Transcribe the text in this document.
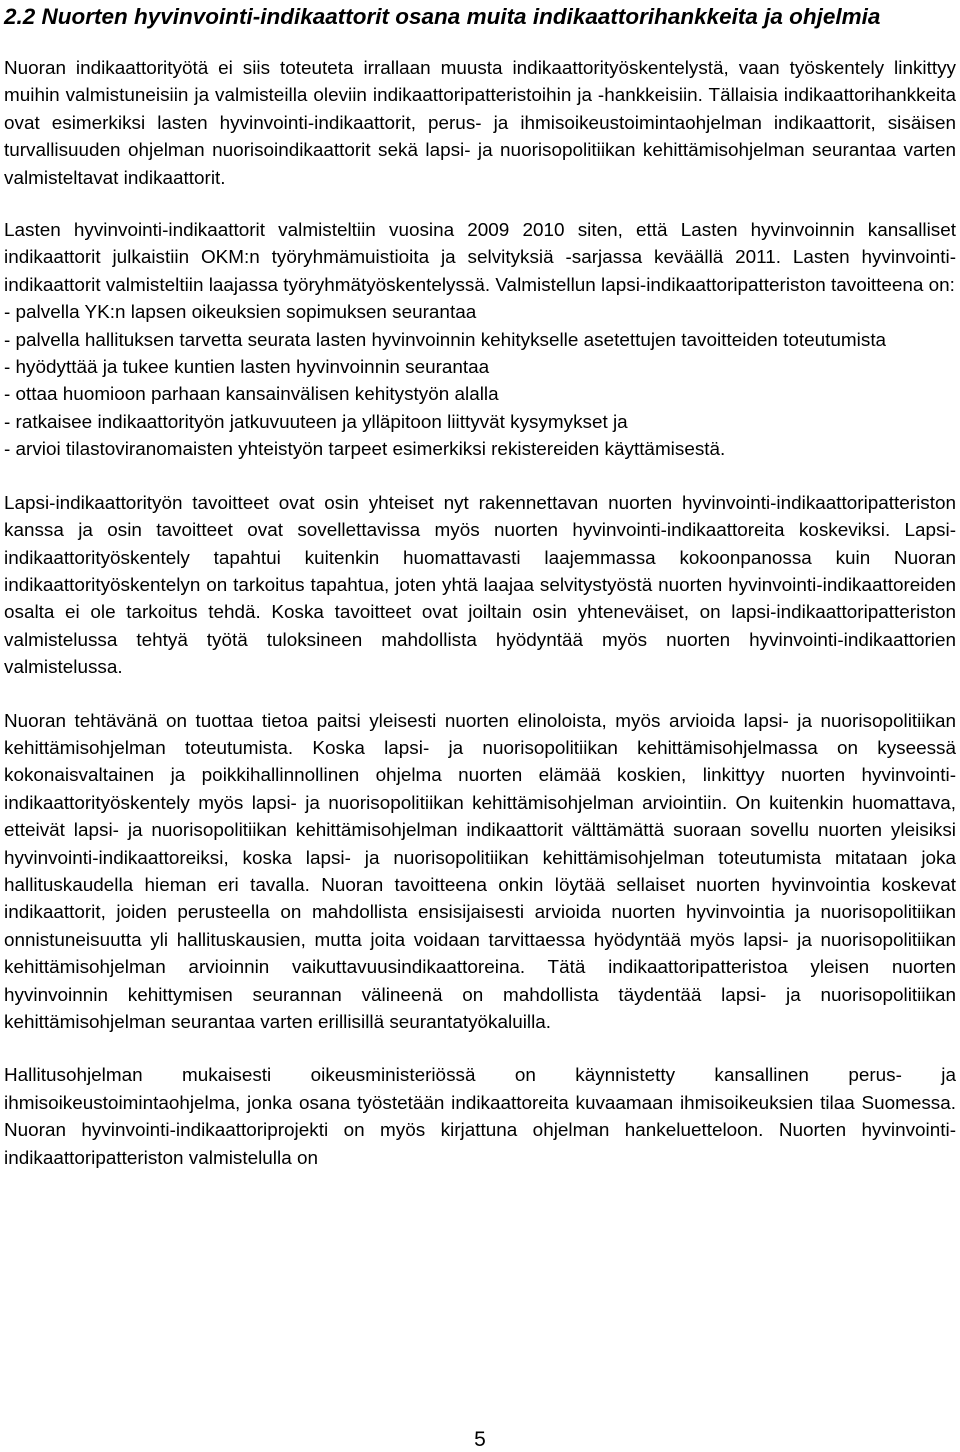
2.2 Nuorten hyvinvointi-indikaattorit osana muita indikaattorihankkeita ja ohjelmia

Nuoran indikaattorityötä ei siis toteuteta irrallaan muusta indikaattorityöskentelystä, vaan työskentely linkittyy muihin valmistuneisiin ja valmisteilla oleviin indikaattoripatteristoihin ja -hankkeisiin. Tällaisia indikaattorihankkeita ovat esimerkiksi lasten hyvinvointi-indikaattorit, perus- ja ihmisoikeustoimintaohjelman indikaattorit, sisäisen turvallisuuden ohjelman nuorisoindikaattorit sekä lapsi- ja nuorisopolitiikan kehittämisohjelman seurantaa varten valmisteltavat indikaattorit.

Lasten hyvinvointi-indikaattorit valmisteltiin vuosina 2009 2010 siten, että Lasten hyvinvoinnin kansalliset indikaattorit julkaistiin OKM:n työryhmämuistioita ja selvityksiä -sarjassa keväällä 2011. Lasten hyvinvointi-indikaattorit valmisteltiin laajassa työryhmätyöskentelyssä. Valmistellun lapsi-indikaattoripatteriston tavoitteena on:

- palvella YK:n lapsen oikeuksien sopimuksen seurantaa
- palvella hallituksen tarvetta seurata lasten hyvinvoinnin kehitykselle asetettujen tavoitteiden toteutumista
- hyödyttää ja tukee kuntien lasten hyvinvoinnin seurantaa
- ottaa huomioon parhaan kansainvälisen kehitystyön alalla
- ratkaisee indikaattorityön jatkuvuuteen ja ylläpitoon liittyvät kysymykset ja
- arvioi tilastoviranomaisten yhteistyön tarpeet esimerkiksi rekistereiden käyttämisestä.

Lapsi-indikaattorityön tavoitteet ovat osin yhteiset nyt rakennettavan nuorten hyvinvointi-indikaattoripatteriston kanssa ja osin tavoitteet ovat sovellettavissa myös nuorten hyvinvointi-indikaattoreita koskeviksi. Lapsi-indikaattorityöskentely tapahtui kuitenkin huomattavasti laajemmassa kokoonpanossa kuin Nuoran indikaattorityöskentelyn on tarkoitus tapahtua, joten yhtä laajaa selvitystyöstä nuorten hyvinvointi-indikaattoreiden osalta ei ole tarkoitus tehdä. Koska tavoitteet ovat joiltain osin yhteneväiset, on lapsi-indikaattoripatteriston valmistelussa tehtyä työtä tuloksineen mahdollista hyödyntää myös nuorten hyvinvointi-indikaattorien valmistelussa.

Nuoran tehtävänä on tuottaa tietoa paitsi yleisesti nuorten elinoloista, myös arvioida lapsi- ja nuorisopolitiikan kehittämisohjelman toteutumista. Koska lapsi- ja nuorisopolitiikan kehittämisohjelmassa on kyseessä kokonaisvaltainen ja poikkihallinnollinen ohjelma nuorten elämää koskien, linkittyy nuorten hyvinvointi-indikaattorityöskentely myös lapsi- ja nuorisopolitiikan kehittämisohjelman arviointiin. On kuitenkin huomattava, etteivät lapsi- ja nuorisopolitiikan kehittämisohjelman indikaattorit välttämättä suoraan sovellu nuorten yleisiksi hyvinvointi-indikaattoreiksi, koska lapsi- ja nuorisopolitiikan kehittämisohjelman toteutumista mitataan joka hallituskaudella hieman eri tavalla. Nuoran tavoitteena onkin löytää sellaiset nuorten hyvinvointia koskevat indikaattorit, joiden perusteella on mahdollista ensisijaisesti arvioida nuorten hyvinvointia ja nuorisopolitiikan onnistuneisuutta yli hallituskausien, mutta joita voidaan tarvittaessa hyödyntää myös lapsi- ja nuorisopolitiikan kehittämisohjelman arvioinnin vaikuttavuusindikaattoreina. Tätä indikaattoripatteristoa yleisen nuorten hyvinvoinnin kehittymisen seurannan välineenä on mahdollista täydentää lapsi- ja nuorisopolitiikan kehittämisohjelman seurantaa varten erillisillä seurantatyökaluilla.

Hallitusohjelman mukaisesti oikeusministeriössä on käynnistetty kansallinen perus- ja ihmisoikeustoimintaohjelma, jonka osana työstetään indikaattoreita kuvaamaan ihmisoikeuksien tilaa Suomessa. Nuoran hyvinvointi-indikaattoriprojekti on myös kirjattuna ohjelman hankeluetteloon. Nuorten hyvinvointi-indikaattoripatteriston valmistelulla on

5
